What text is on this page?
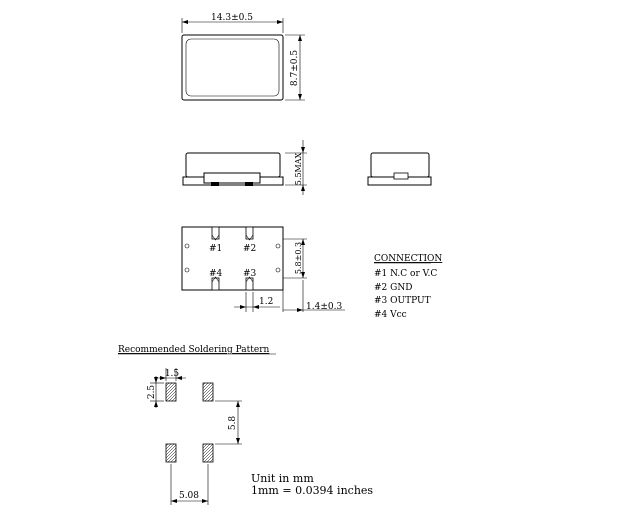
14.3±0.5
8.7±0.5
5.5MAX
#1 #2
#4 #3	5.8±0.3
1.2	1.4±0.3
CONNECTION
#1 N.C or V.C
#2 GND
#3 OUTPUT
#4 Vcc
Recommended Soldering Pattern
1.5
2.5
5.8
5.08
Unit in mm
1mm = 0.0394 inches
